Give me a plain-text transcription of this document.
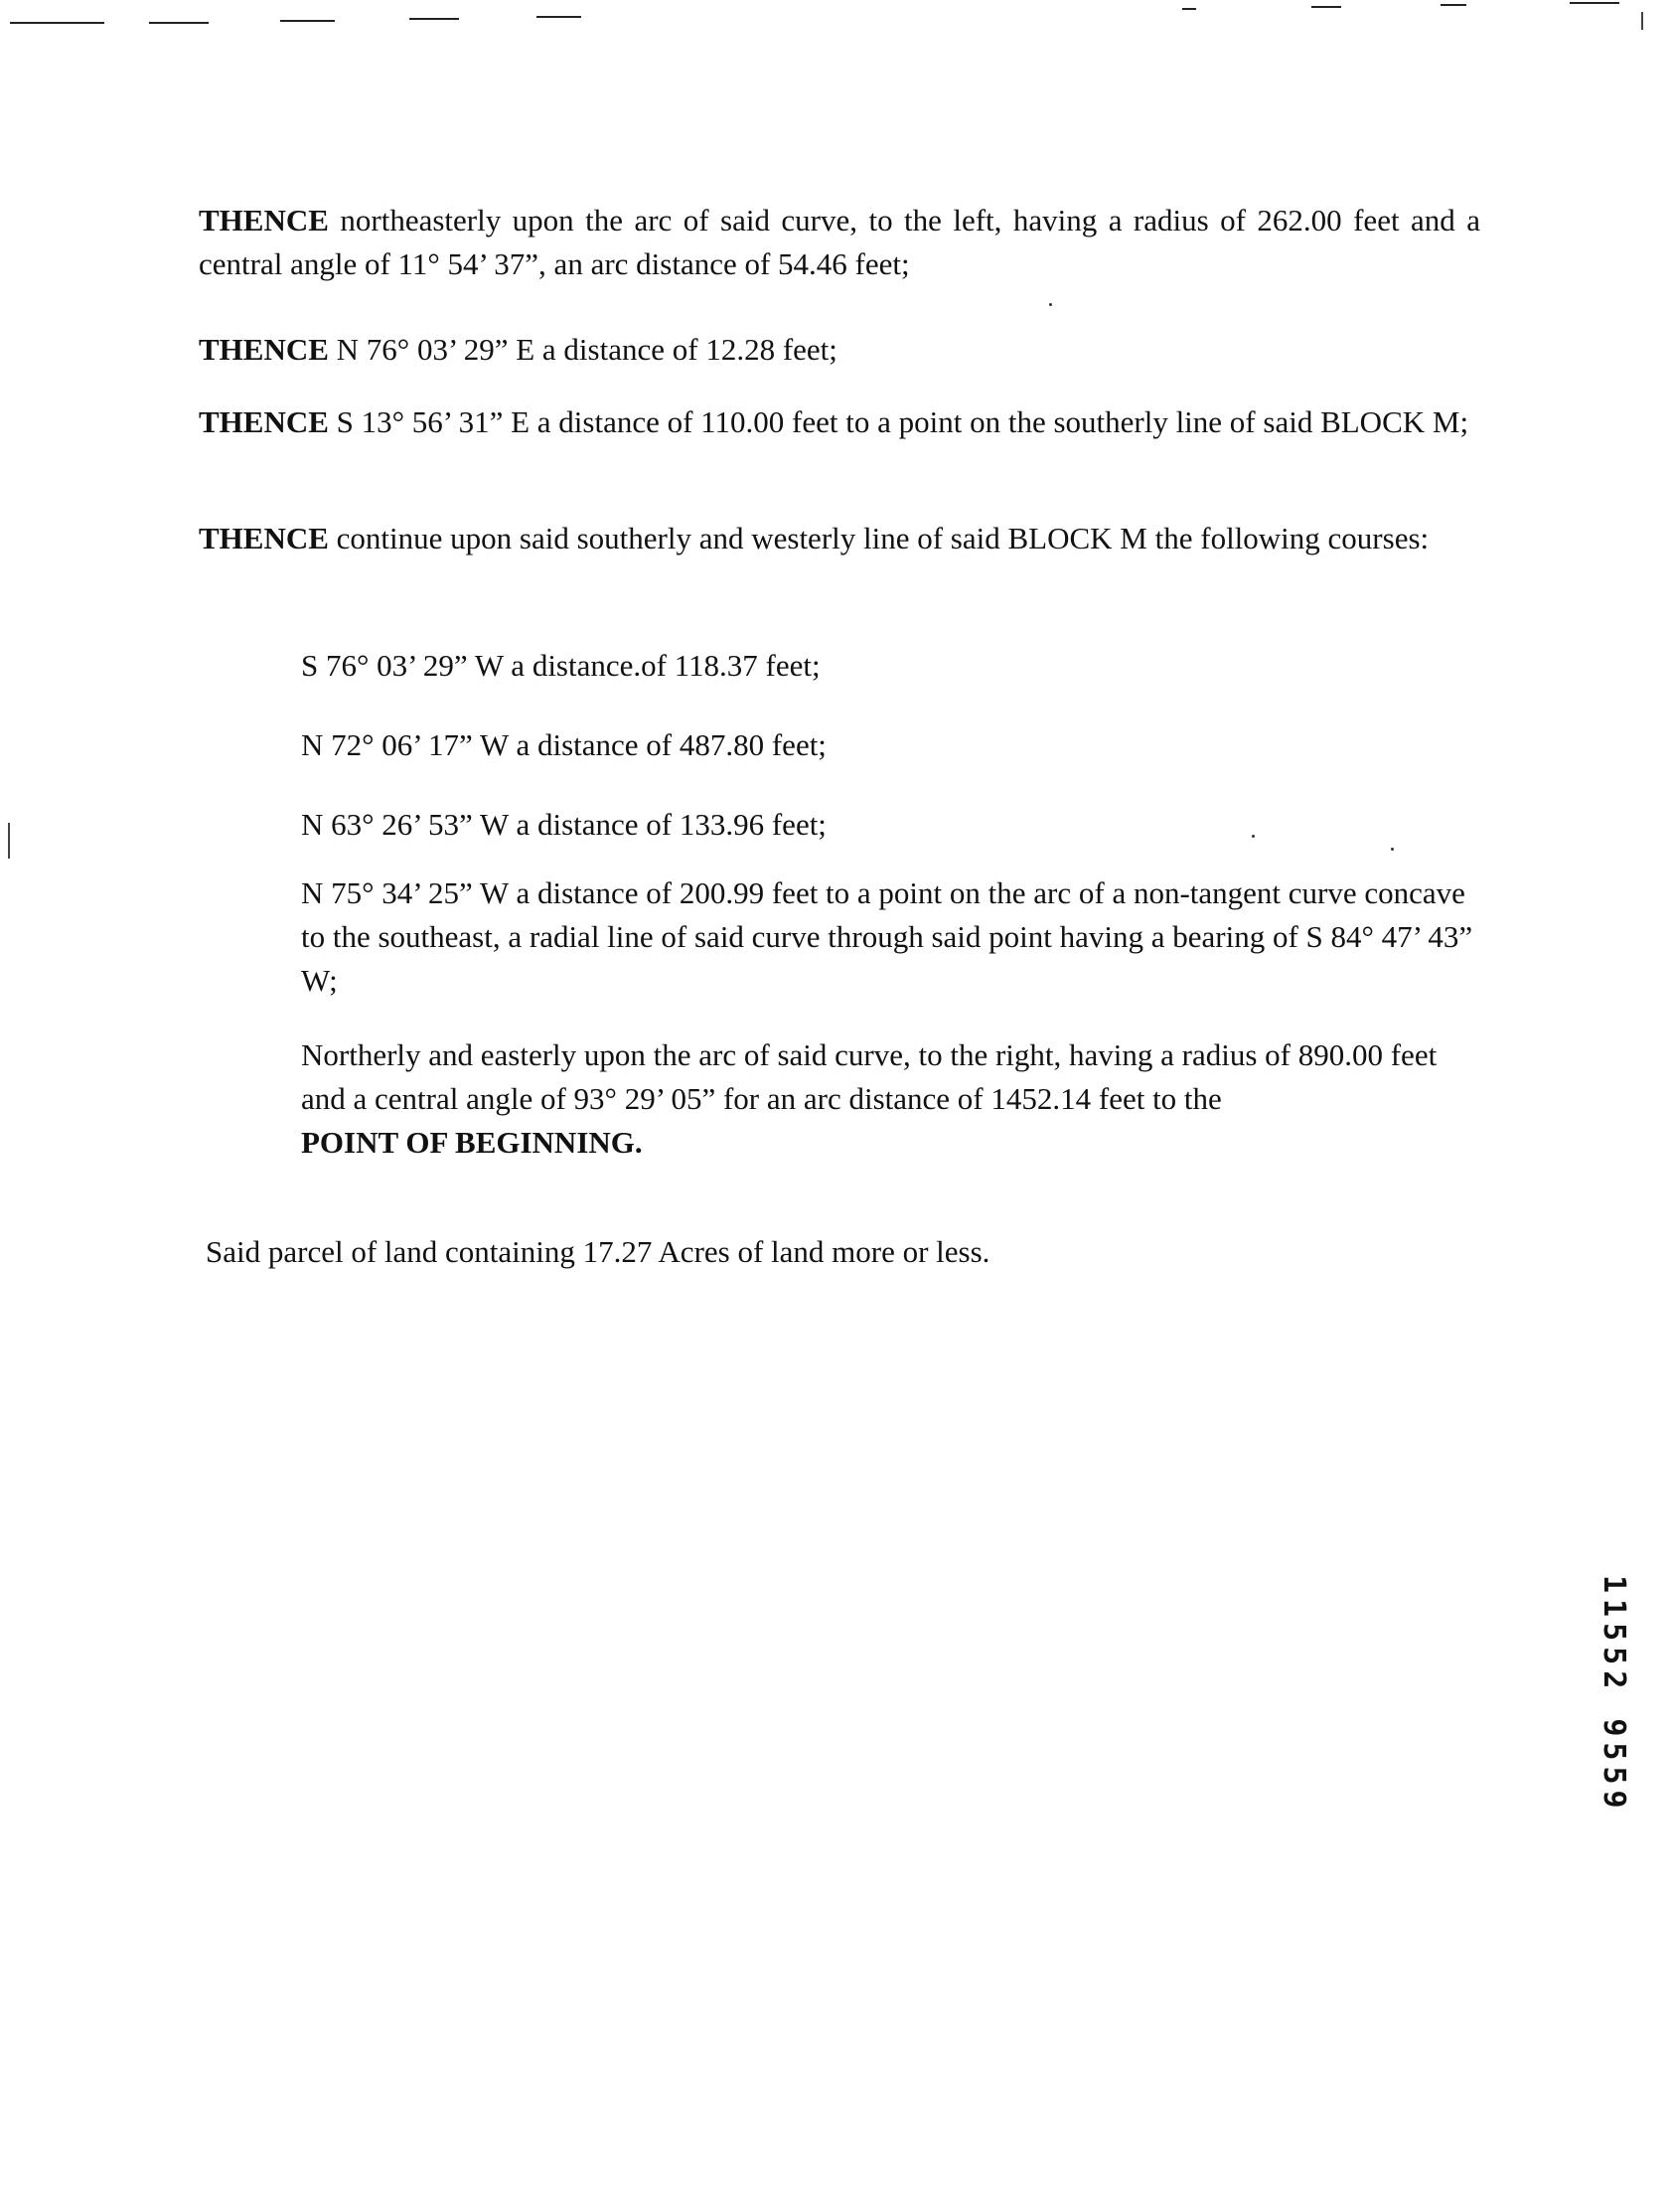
THENCE northeasterly upon the arc of said curve, to the left, having a radius of 262.00 feet and a central angle of 11° 54’ 37”, an arc distance of 54.46 feet;

THENCE N 76° 03’ 29” E a distance of 12.28 feet;

THENCE S 13° 56’ 31” E a distance of 110.00 feet to a point on the southerly line of said BLOCK M;

THENCE continue upon said southerly and westerly line of said BLOCK M the following courses:

S 76° 03’ 29” W a distance.of 118.37 feet;

N 72° 06’ 17” W a distance of 487.80 feet;

N 63° 26’ 53” W a distance of 133.96 feet;

N 75° 34’ 25” W a distance of 200.99 feet to a point on the arc of a non-tangent curve concave to the southeast, a radial line of said curve through said point having a bearing of S 84° 47’ 43” W;

Northerly and easterly upon the arc of said curve, to the right, having a radius of 890.00 feet and a central angle of 93° 29’ 05” for an arc distance of 1452.14 feet to the
POINT OF BEGINNING.

Said parcel of land containing 17.27 Acres of land more or less.

11552 9559
